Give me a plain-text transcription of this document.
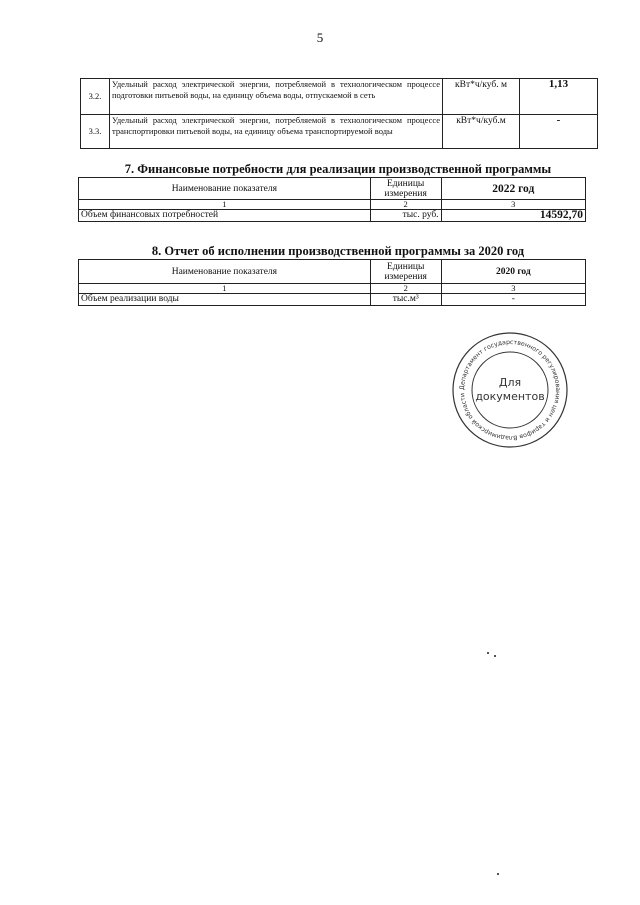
5
3.2.	Удельный расход электрической энергии, потребляемой в технологическом процессе подготовки питьевой воды, на единицу объема воды, отпускаемой в сеть	кВт*ч/куб. м	1,13
3.3.	Удельный расход электрической энергии, потребляемой в технологическом процессе транспортировки питьевой воды, на единицу объема транспортируемой воды	кВт*ч/куб.м	-
7. Финансовые потребности для реализации производственной программы
Наименование показателя	Единицы измерения	2022 год
1	2	3
Объем финансовых потребностей	тыс. руб.	14592,70
8. Отчет об исполнении производственной программы за 2020 год
Наименование показателя	Единицы измерения	2020 год
1	2	3
Объем реализации воды	тыс.м³	-
Департамент государственного регулирования цен и тарифов Владимирской области
Для
документов
